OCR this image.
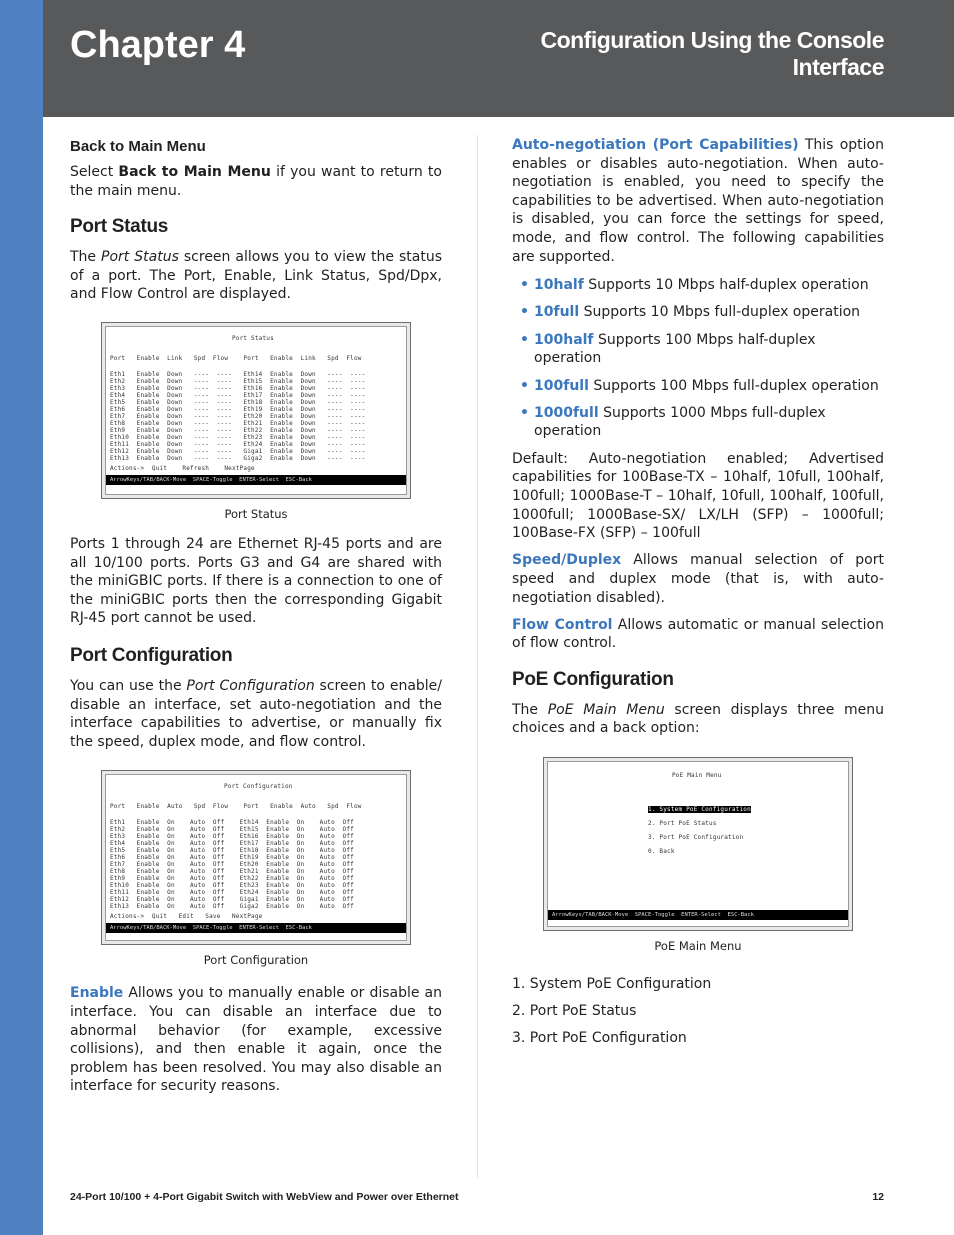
Chapter 4	Configuration Using the Console Interface
Back to Main Menu

Select Back to Main Menu if you want to return to the main menu.

Port Status

The Port Status screen allows you to view the status of a port. The Port, Enable, Link Status, Spd/Dpx, and Flow Control are displayed.

Port Status
Port   Enable  Link   Spd  Flow    Port   Enable  Link   Spd  Flow
Eth1   Enable  Down   ----  ----   Eth14  Enable  Down   ----  ----
Eth2   Enable  Down   ----  ----   Eth15  Enable  Down   ----  ----
Eth3   Enable  Down   ----  ----   Eth16  Enable  Down   ----  ----
Eth4   Enable  Down   ----  ----   Eth17  Enable  Down   ----  ----
Eth5   Enable  Down   ----  ----   Eth18  Enable  Down   ----  ----
Eth6   Enable  Down   ----  ----   Eth19  Enable  Down   ----  ----
Eth7   Enable  Down   ----  ----   Eth20  Enable  Down   ----  ----
Eth8   Enable  Down   ----  ----   Eth21  Enable  Down   ----  ----
Eth9   Enable  Down   ----  ----   Eth22  Enable  Down   ----  ----
Eth10  Enable  Down   ----  ----   Eth23  Enable  Down   ----  ----
Eth11  Enable  Down   ----  ----   Eth24  Enable  Down   ----  ----
Eth12  Enable  Down   ----  ----   Giga1  Enable  Down   ----  ----
Eth13  Enable  Down   ----  ----   Giga2  Enable  Down   ----  ----
Actions->  Quit    Refresh    NextPage
ArrowKeys/TAB/BACK-Move  SPACE-Toggle  ENTER-Select  ESC-Back
Port Status

Ports 1 through 24 are Ethernet RJ-45 ports and are all 10/100 ports. Ports G3 and G4 are shared with the miniGBIC ports. If there is a connection to one of the miniGBIC ports then the corresponding Gigabit RJ-45 port cannot be used.

Port Configuration

You can use the Port Configuration screen to enable/ disable an interface, set auto-negotiation and the interface capabilities to advertise, or manually fix the speed, duplex mode, and flow control.

Port Configuration
Port   Enable  Auto   Spd  Flow    Port   Enable  Auto   Spd  Flow
Eth1   Enable  On    Auto  Off    Eth14  Enable  On    Auto  Off
Eth2   Enable  On    Auto  Off    Eth15  Enable  On    Auto  Off
Eth3   Enable  On    Auto  Off    Eth16  Enable  On    Auto  Off
Eth4   Enable  On    Auto  Off    Eth17  Enable  On    Auto  Off
Eth5   Enable  On    Auto  Off    Eth18  Enable  On    Auto  Off
Eth6   Enable  On    Auto  Off    Eth19  Enable  On    Auto  Off
Eth7   Enable  On    Auto  Off    Eth20  Enable  On    Auto  Off
Eth8   Enable  On    Auto  Off    Eth21  Enable  On    Auto  Off
Eth9   Enable  On    Auto  Off    Eth22  Enable  On    Auto  Off
Eth10  Enable  On    Auto  Off    Eth23  Enable  On    Auto  Off
Eth11  Enable  On    Auto  Off    Eth24  Enable  On    Auto  Off
Eth12  Enable  On    Auto  Off    Giga1  Enable  On    Auto  Off
Eth13  Enable  On    Auto  Off    Giga2  Enable  On    Auto  Off
Actions->  Quit   Edit   Save   NextPage
ArrowKeys/TAB/BACK-Move  SPACE-Toggle  ENTER-Select  ESC-Back
Port Configuration

Enable Allows you to manually enable or disable an interface. You can disable an interface due to abnormal behavior (for example, excessive collisions), and then enable it again, once the problem has been resolved. You may also disable an interface for security reasons.

Auto-negotiation (Port Capabilities) This option enables or disables auto-negotiation. When auto-negotiation is enabled, you need to specify the capabilities to be advertised. When auto-negotiation is disabled, you can force the settings for speed, mode, and flow control. The following capabilities are supported.

• 10half Supports 10 Mbps half-duplex operation
• 10full Supports 10 Mbps full-duplex operation
• 100half Supports 100 Mbps half-duplex operation
• 100full Supports 100 Mbps full-duplex operation
• 1000full Supports 1000 Mbps full-duplex operation

Default: Auto-negotiation enabled; Advertised capabilities for 100Base-TX – 10half, 10full, 100half, 100full; 1000Base-T – 10half, 10full, 100half, 100full, 1000full; 1000Base-SX/ LX/LH (SFP) – 1000full; 100Base-FX (SFP) – 100full

Speed/Duplex Allows manual selection of port speed and duplex mode (that is, with auto-negotiation disabled).

Flow Control Allows automatic or manual selection of flow control.

PoE Configuration

The PoE Main Menu screen displays three menu choices and a back option:

PoE Main Menu
1. System PoE Configuration
2. Port PoE Status
3. Port PoE Configuration
0. Back
ArrowKeys/TAB/BACK-Move  SPACE-Toggle  ENTER-Select  ESC-Back
PoE Main Menu
1. System PoE Configuration
2. Port PoE Status
3. Port PoE Configuration
24-Port 10/100 + 4-Port Gigabit Switch with WebView and Power over Ethernet	12
